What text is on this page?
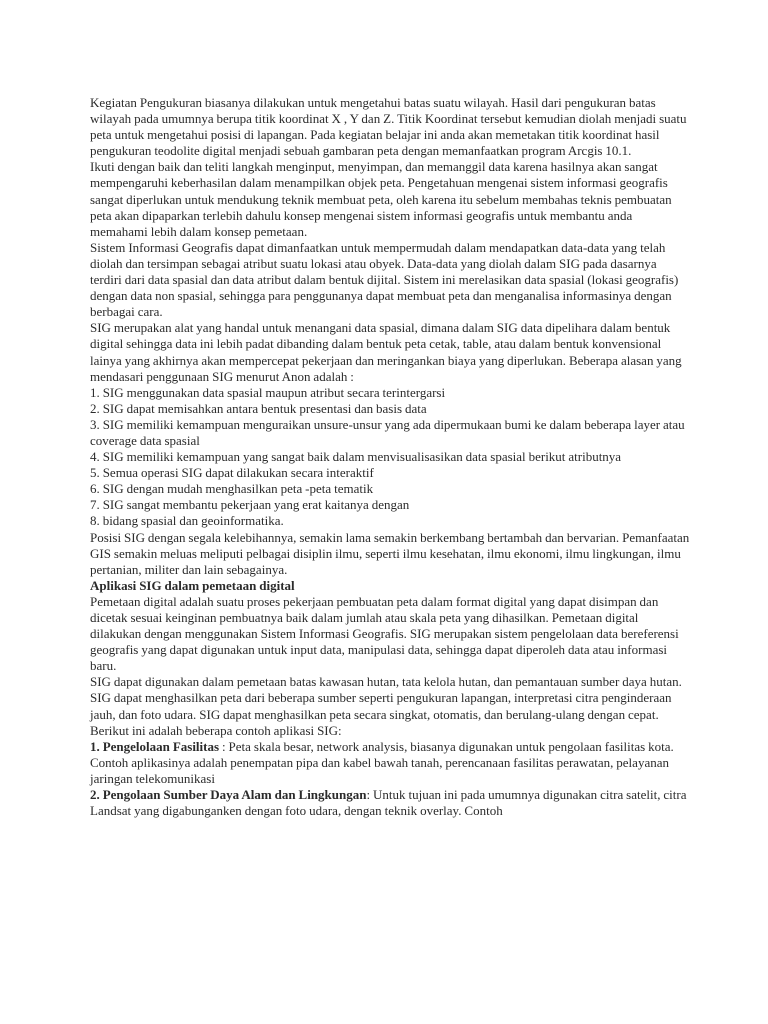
Kegiatan Pengukuran biasanya dilakukan untuk mengetahui batas suatu wilayah. Hasil dari pengukuran batas wilayah pada umumnya berupa titik koordinat X , Y dan Z. Titik Koordinat tersebut kemudian diolah menjadi suatu peta untuk mengetahui posisi di lapangan. Pada kegiatan belajar ini anda akan memetakan titik koordinat hasil pengukuran teodolite digital menjadi sebuah gambaran peta dengan memanfaatkan program Arcgis 10.1.

Ikuti dengan baik dan teliti langkah menginput, menyimpan, dan memanggil data karena hasilnya akan sangat mempengaruhi keberhasilan dalam menampilkan objek peta. Pengetahuan mengenai sistem informasi geografis sangat diperlukan untuk mendukung teknik membuat peta, oleh karena itu sebelum membahas teknis pembuatan peta akan dipaparkan terlebih dahulu konsep mengenai sistem informasi geografis untuk membantu anda memahami lebih dalam konsep pemetaan.

Sistem Informasi Geografis dapat dimanfaatkan untuk mempermudah dalam mendapatkan data-data yang telah diolah dan tersimpan sebagai atribut suatu lokasi atau obyek. Data-data yang diolah dalam SIG pada dasarnya terdiri dari data spasial dan data atribut dalam bentuk dijital. Sistem ini merelasikan data spasial (lokasi geografis) dengan data non spasial, sehingga para penggunanya dapat membuat peta dan menganalisa informasinya dengan berbagai cara.

SIG merupakan alat yang handal untuk menangani data spasial, dimana dalam SIG data dipelihara dalam bentuk digital sehingga data ini lebih padat dibanding dalam bentuk peta cetak, table, atau dalam bentuk konvensional lainya yang akhirnya akan mempercepat pekerjaan dan meringankan biaya yang diperlukan. Beberapa alasan yang mendasari penggunaan SIG menurut Anon adalah :

1. SIG menggunakan data spasial maupun atribut secara terintergarsi

2. SIG dapat memisahkan antara bentuk presentasi dan basis data

3. SIG memiliki kemampuan menguraikan unsure-unsur yang ada dipermukaan bumi ke dalam beberapa layer atau coverage data spasial

4. SIG memiliki kemampuan yang sangat baik dalam menvisualisasikan data spasial berikut atributnya

5. Semua operasi SIG dapat dilakukan secara interaktif

6. SIG dengan mudah menghasilkan peta -peta tematik

7. SIG sangat membantu pekerjaan yang erat kaitanya dengan

8. bidang spasial dan geoinformatika.

Posisi SIG dengan segala kelebihannya, semakin lama semakin berkembang bertambah dan bervarian. Pemanfaatan GIS semakin meluas meliputi pelbagai disiplin ilmu, seperti ilmu kesehatan, ilmu ekonomi, ilmu lingkungan, ilmu pertanian, militer dan lain sebagainya.

Aplikasi SIG dalam pemetaan digital

Pemetaan digital adalah suatu proses pekerjaan pembuatan peta dalam format digital yang dapat disimpan dan dicetak sesuai keinginan pembuatnya baik dalam jumlah atau skala peta yang dihasilkan. Pemetaan digital dilakukan dengan menggunakan Sistem Informasi Geografis. SIG merupakan sistem pengelolaan data bereferensi geografis yang dapat digunakan untuk input data, manipulasi data, sehingga dapat diperoleh data atau informasi baru.

SIG dapat digunakan dalam pemetaan batas kawasan hutan, tata kelola hutan, dan pemantauan sumber daya hutan. SIG dapat menghasilkan peta dari beberapa sumber seperti pengukuran lapangan, interpretasi citra penginderaan jauh, dan foto udara. SIG dapat menghasilkan peta secara singkat, otomatis, dan berulang-ulang dengan cepat. Berikut ini adalah beberapa contoh aplikasi SIG:

1. Pengelolaan Fasilitas : Peta skala besar, network analysis, biasanya digunakan untuk pengolaan fasilitas kota. Contoh aplikasinya adalah penempatan pipa dan kabel bawah tanah, perencanaan fasilitas perawatan, pelayanan jaringan telekomunikasi

2. Pengolaan Sumber Daya Alam dan Lingkungan: Untuk tujuan ini pada umumnya digunakan citra satelit, citra Landsat yang digabunganken dengan foto udara, dengan teknik overlay. Contoh
